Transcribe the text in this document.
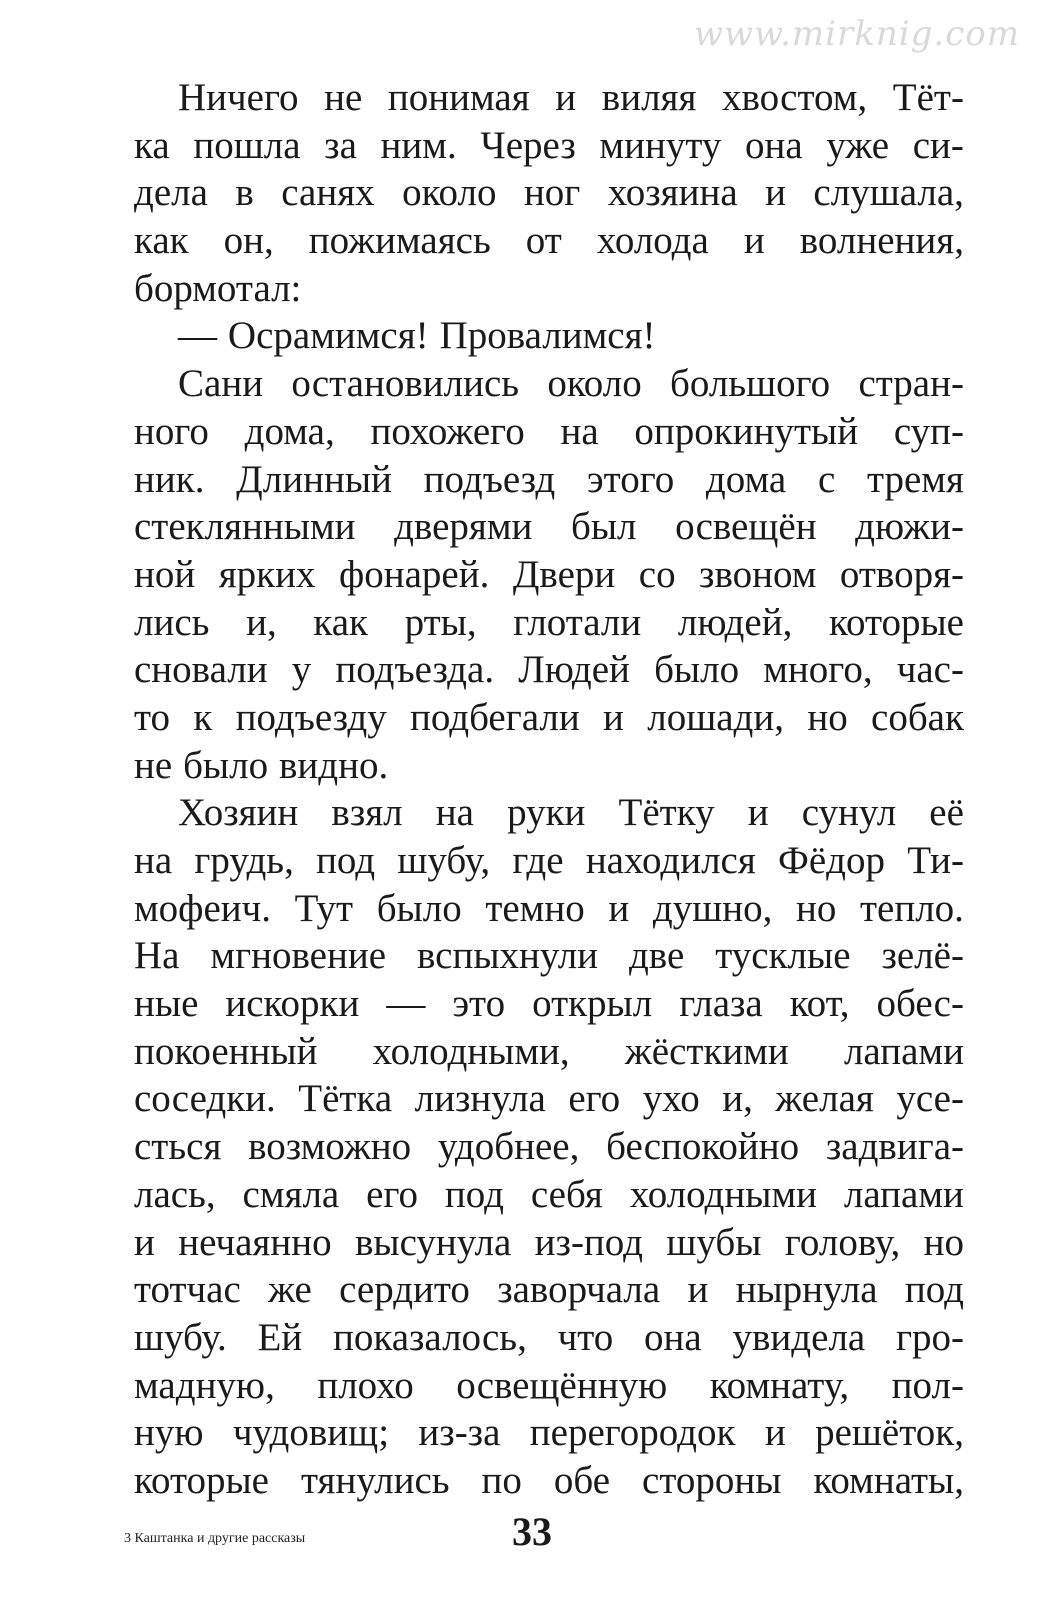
www.mirknig.com
Ничего не понимая и виляя хвостом, Тёт-
ка пошла за ним. Через минуту она уже си-
дела в санях около ног хозяина и слушала,
как он, пожимаясь от холода и волнения,
бормотал:
— Осрамимся! Провалимся!
Сани остановились около большого стран-
ного дома, похожего на опрокинутый суп-
ник. Длинный подъезд этого дома с тремя
стеклянными дверями был освещён дюжи-
ной ярких фонарей. Двери со звоном отворя-
лись и, как рты, глотали людей, которые
сновали у подъезда. Людей было много, час-
то к подъезду подбегали и лошади, но собак
не было видно.
Хозяин взял на руки Тётку и сунул её
на грудь, под шубу, где находился Фёдор Ти-
мофеич. Тут было темно и душно, но тепло.
На мгновение вспыхнули две тусклые зелё-
ные искорки — это открыл глаза кот, обес-
покоенный холодными, жёсткими лапами
соседки. Тётка лизнула его ухо и, желая усе-
сться возможно удобнее, беспокойно задвига-
лась, смяла его под себя холодными лапами
и нечаянно высунула из-под шубы голову, но
тотчас же сердито заворчала и нырнула под
шубу. Ей показалось, что она увидела гро-
мадную, плохо освещённую комнату, пол-
ную чудовищ; из-за перегородок и решёток,
которые тянулись по обе стороны комнаты,
3 Каштанка и другие рассказы	33
